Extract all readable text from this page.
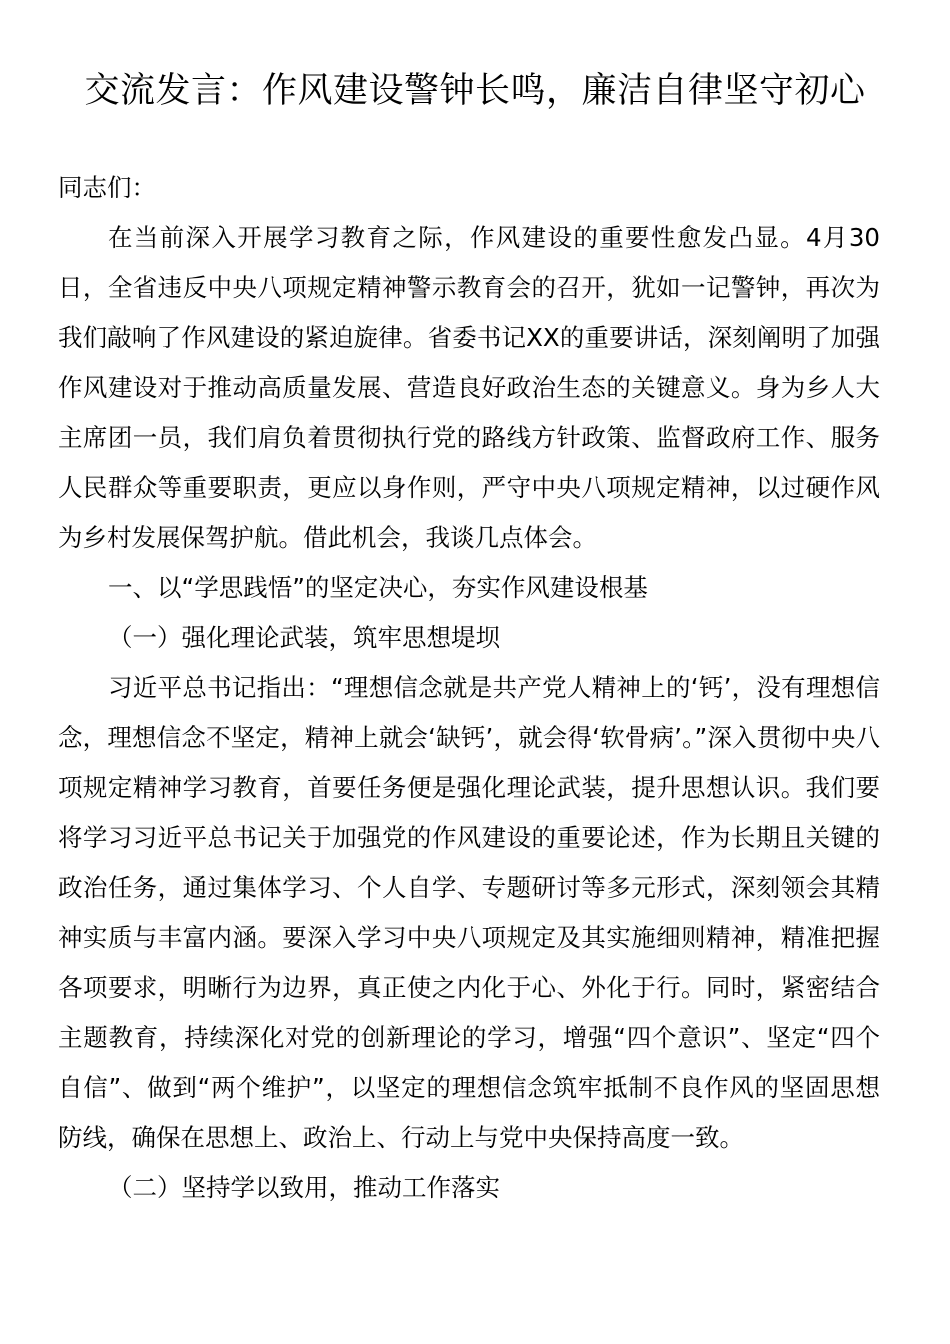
交流发言：作风建设警钟长鸣，廉洁自律坚守初心

同志们：

在当前深入开展学习教育之际，作风建设的重要性愈发凸显。4月30日，全省违反中央八项规定精神警示教育会的召开，犹如一记警钟，再次为我们敲响了作风建设的紧迫旋律。省委书记XX的重要讲话，深刻阐明了加强作风建设对于推动高质量发展、营造良好政治生态的关键意义。身为乡人大主席团一员，我们肩负着贯彻执行党的路线方针政策、监督政府工作、服务人民群众等重要职责，更应以身作则，严守中央八项规定精神，以过硬作风为乡村发展保驾护航。借此机会，我谈几点体会。

一、以“学思践悟”的坚定决心，夯实作风建设根基

（一）强化理论武装，筑牢思想堤坝

习近平总书记指出：“理想信念就是共产党人精神上的‘钙’，没有理想信念，理想信念不坚定，精神上就会‘缺钙’，就会得‘软骨病’。”深入贯彻中央八项规定精神学习教育，首要任务便是强化理论武装，提升思想认识。我们要将学习习近平总书记关于加强党的作风建设的重要论述，作为长期且关键的政治任务，通过集体学习、个人自学、专题研讨等多元形式，深刻领会其精神实质与丰富内涵。要深入学习中央八项规定及其实施细则精神，精准把握各项要求，明晰行为边界，真正使之内化于心、外化于行。同时，紧密结合主题教育，持续深化对党的创新理论的学习，增强“四个意识”、坚定“四个自信”、做到“两个维护”，以坚定的理想信念筑牢抵制不良作风的坚固思想防线，确保在思想上、政治上、行动上与党中央保持高度一致。

（二）坚持学以致用，推动工作落实
